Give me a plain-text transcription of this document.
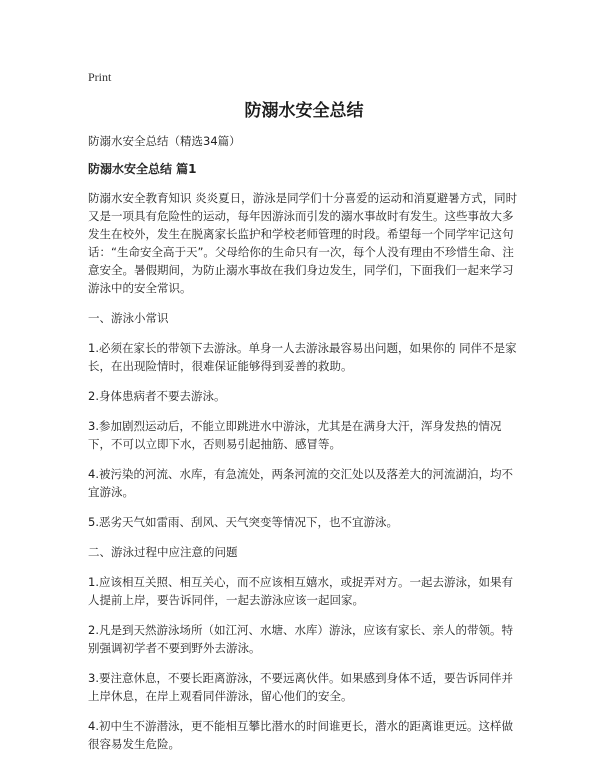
Print
防溺水安全总结

防溺水安全总结（精选34篇）

防溺水安全总结 篇1

防溺水安全教育知识 炎炎夏日，游泳是同学们十分喜爱的运动和消夏避暑方式，同时又是一项具有危险性的运动，每年因游泳而引发的溺水事故时有发生。这些事故大多发生在校外，发生在脱离家长监护和学校老师管理的时段。希望每一个同学牢记这句话：“生命安全高于天”。父母给你的生命只有一次，每个人没有理由不珍惜生命、注意安全。暑假期间，为防止溺水事故在我们身边发生，同学们，下面我们一起来学习游泳中的安全常识。

一、游泳小常识

1.必须在家长的带领下去游泳。单身一人去游泳最容易出问题，如果你的 同伴不是家长，在出现险情时，很难保证能够得到妥善的救助。

2.身体患病者不要去游泳。

3.参加剧烈运动后，不能立即跳进水中游泳，尤其是在满身大汗，浑身发热的情况下，不可以立即下水，否则易引起抽筋、感冒等。

4.被污染的河流、水库，有急流处，两条河流的交汇处以及落差大的河流湖泊，均不宜游泳。

5.恶劣天气如雷雨、刮风、天气突变等情况下，也不宜游泳。

二、游泳过程中应注意的问题

1.应该相互关照、相互关心，而不应该相互嬉水，或捉弄对方。一起去游泳，如果有人提前上岸，要告诉同伴，一起去游泳应该一起回家。

2.凡是到天然游泳场所（如江河、水塘、水库）游泳，应该有家长、亲人的带领。特别强调初学者不要到野外去游泳。

3.要注意休息，不要长距离游泳，不要远离伙伴。如果感到身体不适，要告诉同伴并上岸休息，在岸上观看同伴游泳，留心他们的安全。

4.初中生不游潜泳，更不能相互攀比潜水的时间谁更长，潜水的距离谁更远。这样做很容易发生危险。
